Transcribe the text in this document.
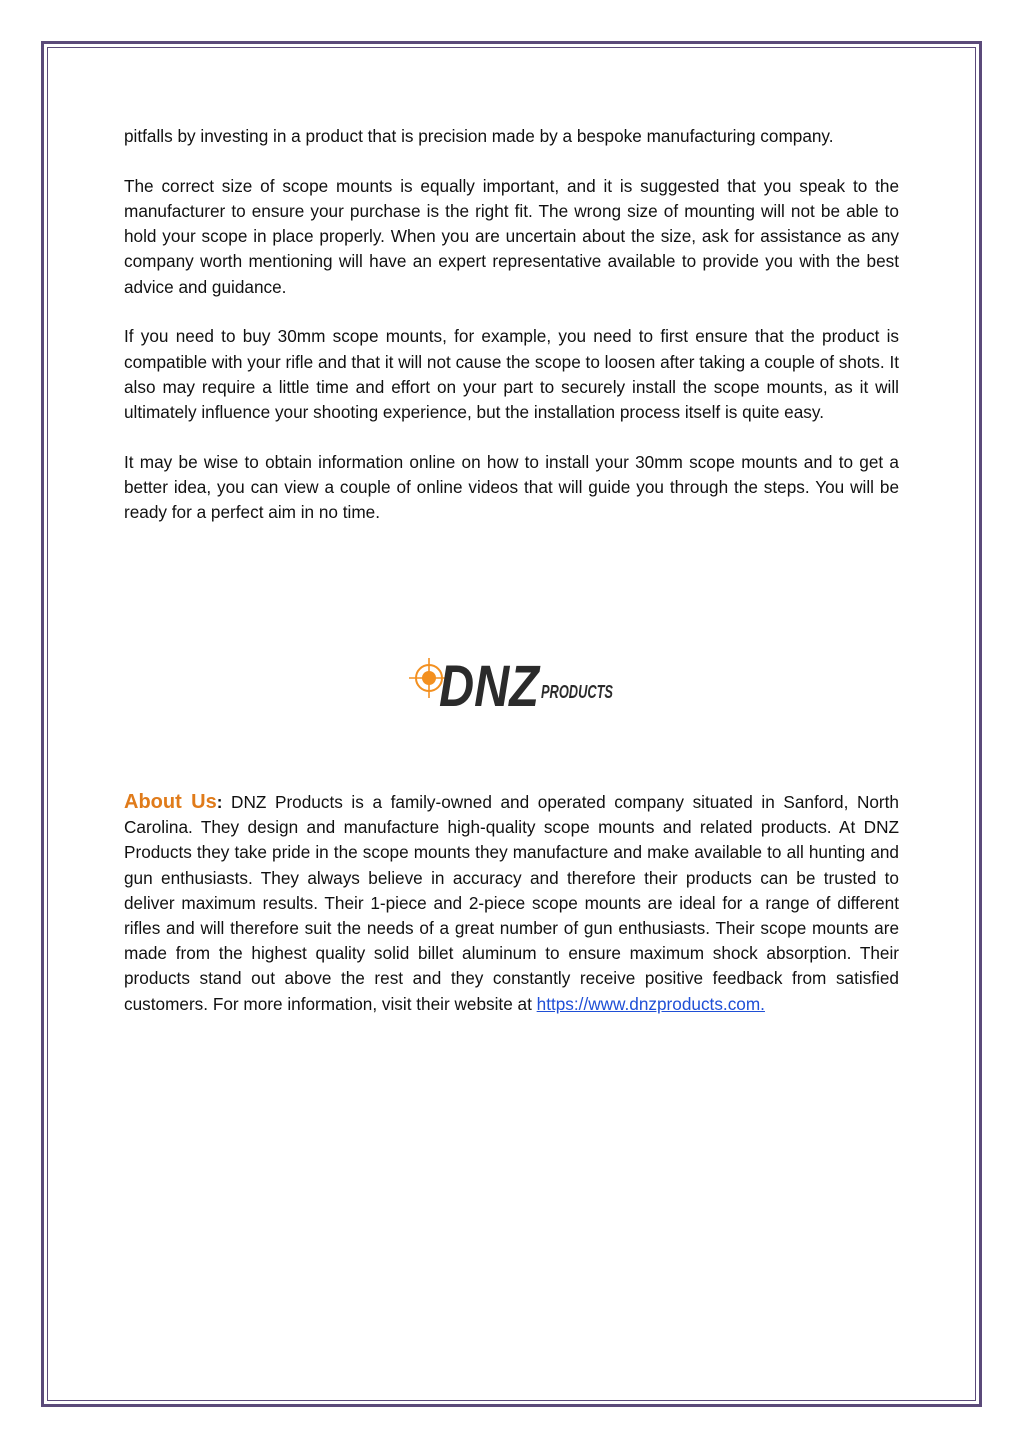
pitfalls by investing in a product that is precision made by a bespoke manufacturing company.

The correct size of scope mounts is equally important, and it is suggested that you speak to the manufacturer to ensure your purchase is the right fit. The wrong size of mounting will not be able to hold your scope in place properly. When you are uncertain about the size, ask for assistance as any company worth mentioning will have an expert representative available to provide you with the best advice and guidance.

If you need to buy 30mm scope mounts, for example, you need to first ensure that the product is compatible with your rifle and that it will not cause the scope to loosen after taking a couple of shots. It also may require a little time and effort on your part to securely install the scope mounts, as it will ultimately influence your shooting experience, but the installation process itself is quite easy.

It may be wise to obtain information online on how to install your 30mm scope mounts and to get a better idea, you can view a couple of online videos that will guide you through the steps. You will be ready for a perfect aim in no time.

DNZ PRODUCTS
About Us: DNZ Products is a family-owned and operated company situated in Sanford, North Carolina. They design and manufacture high-quality scope mounts and related products. At DNZ Products they take pride in the scope mounts they manufacture and make available to all hunting and gun enthusiasts. They always believe in accuracy and therefore their products can be trusted to deliver maximum results. Their 1-piece and 2-piece scope mounts are ideal for a range of different rifles and will therefore suit the needs of a great number of gun enthusiasts. Their scope mounts are made from the highest quality solid billet aluminum to ensure maximum shock absorption. Their products stand out above the rest and they constantly receive positive feedback from satisfied customers. For more information, visit their website at https://www.dnzproducts.com.
